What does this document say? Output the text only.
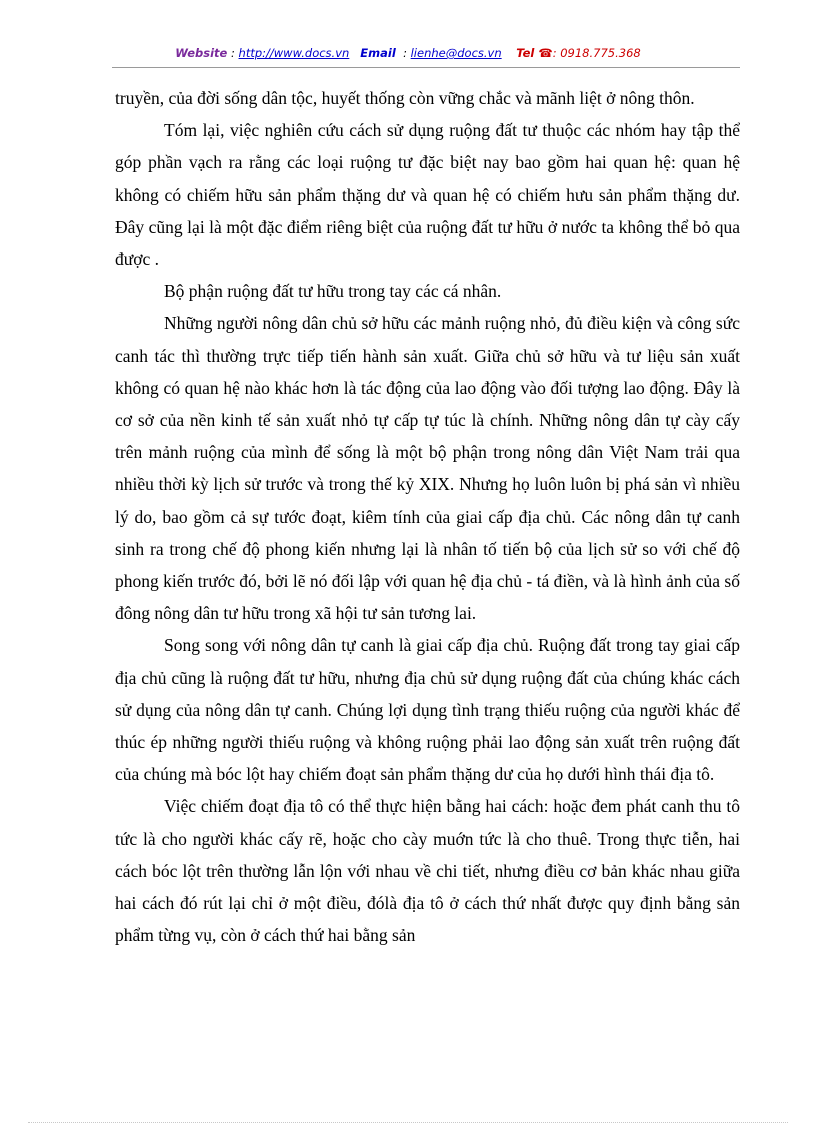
Website : http://www.docs.vn Email : lienhe@docs.vn Tel ☎: 0918.775.368

truyền, của đời sống dân tộc, huyết thống còn vững chắc và mãnh liệt ở nông thôn.

Tóm lại, việc nghiên cứu cách sử dụng ruộng đất tư thuộc các nhóm hay tập thể góp phần vạch ra rằng các loại ruộng tư đặc biệt nay bao gồm hai quan hệ: quan hệ không có chiếm hữu sản phẩm thặng dư và quan hệ có chiếm hưu sản phẩm thặng dư. Đây cũng lại là một đặc điểm riêng biệt của ruộng đất tư hữu ở nước ta không thể bỏ qua được .

Bộ phận ruộng đất tư hữu trong tay các cá nhân.

Những người nông dân chủ sở hữu các mảnh ruộng nhỏ, đủ điều kiện và công sức canh tác thì thường trực tiếp tiến hành sản xuất. Giữa chủ sở hữu và tư liệu sản xuất không có quan hệ nào khác hơn là tác động của lao động vào đối tượng lao động. Đây là cơ sở của nền kinh tế sản xuất nhỏ tự cấp tự túc là chính. Những nông dân tự cày cấy trên mảnh ruộng của mình để sống là một bộ phận trong nông dân Việt Nam trải qua nhiều thời kỳ lịch sử trước và trong thế kỷ XIX. Nhưng họ luôn luôn bị phá sản vì nhiều lý do, bao gồm cả sự tước đoạt, kiêm tính của giai cấp địa chủ. Các nông dân tự canh sinh ra trong chế độ phong kiến nhưng lại là nhân tố tiến bộ của lịch sử so với chế độ phong kiến trước đó, bởi lẽ nó đối lập với quan hệ địa chủ - tá điền, và là hình ảnh của số đông nông dân tư hữu trong xã hội tư sản tương lai.

Song song với nông dân tự canh là giai cấp địa chủ. Ruộng đất trong tay giai cấp địa chủ cũng là ruộng đất tư hữu, nhưng địa chủ sử dụng ruộng đất của chúng khác cách sử dụng của nông dân tự canh. Chúng lợi dụng tình trạng thiếu ruộng của người khác để thúc ép những người thiếu ruộng và không ruộng phải lao động sản xuất trên ruộng đất của chúng mà bóc lột hay chiếm đoạt sản phẩm thặng dư của họ dưới hình thái địa tô.

Việc chiếm đoạt địa tô có thể thực hiện bằng hai cách: hoặc đem phát canh thu tô tức là cho người khác cấy rẽ, hoặc cho cày muớn tức là cho thuê. Trong thực tiễn, hai cách bóc lột trên thường lẫn lộn với nhau về chi tiết, nhưng điều cơ bản khác nhau giữa hai cách đó rút lại chỉ ở một điều, đólà địa tô ở cách thứ nhất được quy định bằng sản phẩm từng vụ, còn ở cách thứ hai bằng sản
